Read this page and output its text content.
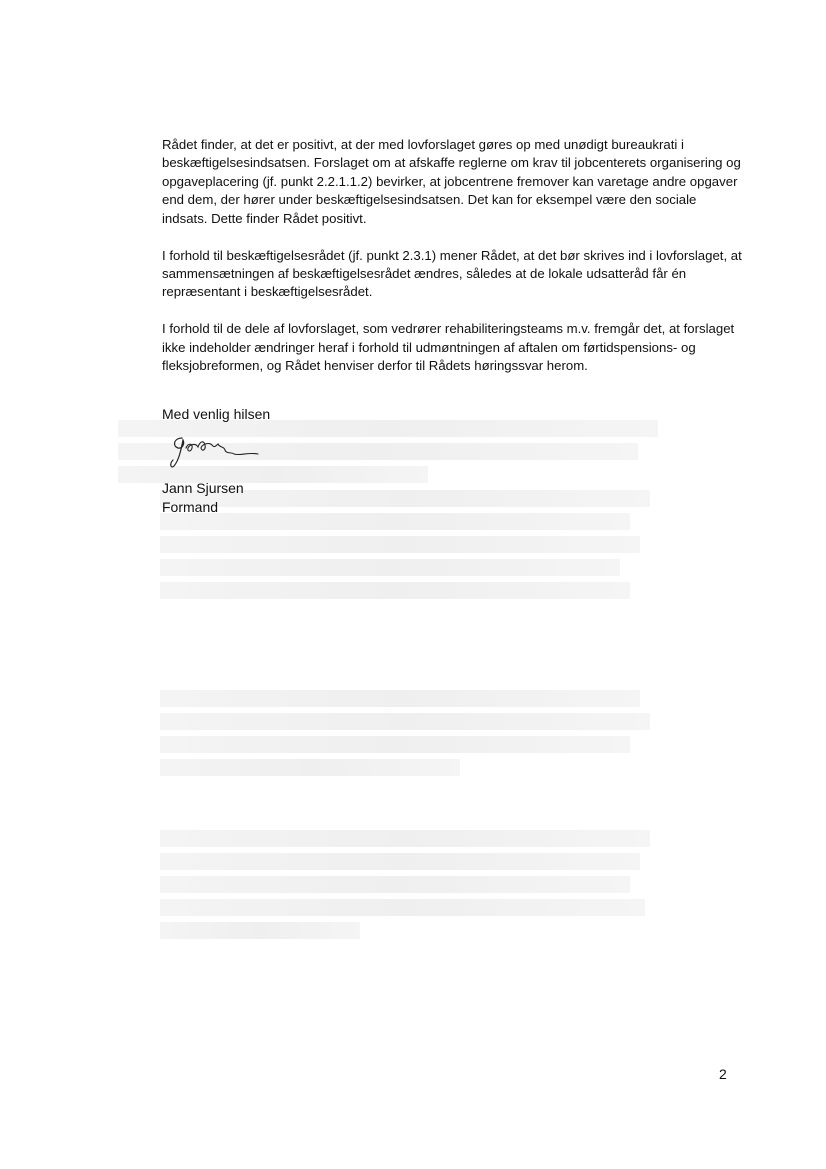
Rådet finder, at det er positivt, at der med lovforslaget gøres op med unødigt bureaukrati i beskæftigelsesindsatsen. Forslaget om at afskaffe reglerne om krav til jobcenterets organisering og opgaveplacering (jf. punkt 2.2.1.1.2) bevirker, at jobcentrene fremover kan varetage andre opgaver end dem, der hører under beskæftigelsesindsatsen. Det kan for eksempel være den sociale indsats. Dette finder Rådet positivt.

I forhold til beskæftigelsesrådet (jf. punkt 2.3.1) mener Rådet, at det bør skrives ind i lovforslaget, at sammensætningen af beskæftigelsesrådet ændres, således at de lokale udsatteråd får én repræsentant i beskæftigelsesrådet.

I forhold til de dele af lovforslaget, som vedrører rehabiliteringsteams m.v. fremgår det, at forslaget ikke indeholder ændringer heraf i forhold til udmøntningen af aftalen om førtidspensions- og fleksjobreformen, og Rådet henviser derfor til Rådets høringssvar herom.

Med venlig hilsen
Jann Sjursen
Formand
2
